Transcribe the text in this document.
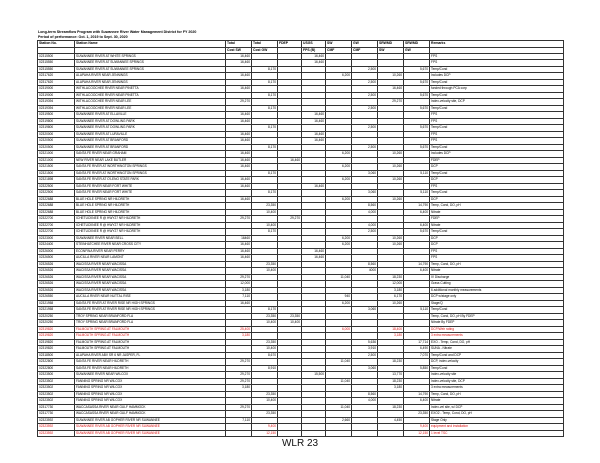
Long-term Streamflow Program with Suwannee River Water Management District for FY 2020
Period of performance: Oct. 1, 2019 to Sept. 30, 2020
Station No.	Station Name	Total	Total	FDEP	USGS	SW	GW	SRWMD	SRWMD	Remarks
		Cost SW	Cost GW		FPS (B)	CMF	CMF	SW	GW	
02315500	SUWANNEE RIVER AT WHITE SPRINGS	16,460			16,460					FPS
02315550	SUWANNEE RIVER AT SUWANNEE SPRINGS	16,460			16,460					FPS
02315550	SUWANNEE RIVER AT SUWANNEE SPRINGS		8,170				2,500		5,670	Temp/Cond
02317620	ALAPAHA RIVER NEAR JENNINGS	16,460				6,200		10,260		Includes DCP
02317620	ALAPAHA RIVER NEAR JENNINGS		8,170				2,500		5,670	Temp/Cond
02319000	WITHLACOOCHEE RIVER NEAR PINETTA	16,460						16,460		funded through PCA corp
02319000	WITHLACOOCHEE RIVER NEAR PINETTA		8,170				2,500		5,670	Temp/Cond
02319394	WITHLACOOCHEE RIVER NEAR LEE	29,270						29,270		Index-velocity site, DCP
02319394	WITHLACOOCHEE RIVER NEAR LEE		8,170				2,500		5,670	Temp/Cond
02319500	SUWANNEE RIVER AT ELLAVILLE	16,460			16,460					FPS
02319800	SUWANNEE RIVER AT DOWLING PARK	16,460			16,460					FPS
02319800	SUWANNEE RIVER AT DOWLING PARK		8,170				2,500		5,670	Temp/Cond
02320000	SUWANNEE RIVER AT LURAVILLE	16,460			16,460					FPS
02320500	SUWANNEE RIVER AT BRANFORD	16,460			16,460					FPS
02320500	SUWANNEE RIVER AT BRANFORD		8,170				2,500		5,670	Temp/Cond
02321000	SANTA FE RIVER NEAR GRAHAM	16,460				6,200		10,260		Includes DCP
02321000	NEW RIVER NEAR LAKE BUTLER	16,460		16,460						FDEP
02321500	SANTA FE RIVER AT WORTHINGTON SPRINGS	16,460				6,200		10,260		DCP
02321500	SANTA FE RIVER AT WORTHINGTON SPRINGS		8,170				3,060		5,110	Temp/Cond
02321898	SANTA FE RIVER AT O'LENO STATE PARK	16,460				6,200		10,260		DCP
02322500	SANTA FE RIVER NEAR FORT WHITE	16,460			16,460					FPS
02322500	SANTA FE RIVER NEAR FORT WHITE		8,170				3,060		5,110	Temp/Cond
02322688	BLUE HOLE SPRING NR HILDRETH	16,460				6,200		10,260		DCP
02322688	BLUE HOLE SPRING NR HILDRETH		23,350				8,560		14,790	Temp, Cond, DO, pH
02322688	BLUE HOLE SPRING NR HILDRETH		10,400				4,000		6,400	Nitrate
02322700	ICHETUCKNEE R @ HWY27 NR HILDRETH	29,270		29,270						FDEP
02322700	ICHETUCKNEE R @ HWY27 NR HILDRETH		10,400				4,000		6,400	Nitrate
02322700	ICHETUCKNEE R @ HWY27 NR HILDRETH		8,170				2,500		5,670	Temp/Cond
02323000	SUWANNEE RIVER NEAR BELL	16460				6,200		10,260		DCP
02324400	STEINHATCHEE RIVER NEAR CROSS CITY	16,460				6,200		10,260		DCP
02326000	ECONFINA RIVER NEAR PERRY	16,460			16,460					FPS
02326500	AUCILLA RIVER NEAR LAMONT	16,460			16,460					FPS
02326526	WACISSA RIVER NEAR WACISSA		23,350				8,560		14,790	Temp, Cond, DO, pH
02326526	WACISSA RIVER NEAR WACISSA		10,400				4000		6,400	Nitrate
02326526	WACISSA RIVER NEAR WACISSA	29,270				11,040		18,230		IV Discharge
02326526	WACISSA RIVER NEAR WACISSA	12,000						12,000		Grass Cutting
02326526	WACISSA RIVER NEAR WACISSA	3,180						3,180		6 additional monthly measurements
02326550	AUCILLA RIVER NEAR NUTTAL RISE	7,110				940		6,170		DCP w/stage only
02321958	SANTA FE RIVER AT RIVER RISE NR HIGH SPRINGS	16,460				6,200		10,260		Stage/Q
02321958	SANTA FE RIVER AT RIVER RISE NR HIGH SPRINGS		8,170				3,060		5,110	Temp/Cond
02320250	TROY SPRING NEAR BRANFORD FLA		23,350	23,350						Temp, Cond, DO, pH By FDEP
02320250	TROY SPRING NEAR BRANFORD FLA		10,400	10,400						Nitrate By FDEP
02319820	FALMOUTH SPRING AT FALMOUTH	25,400				6,000		18,400		DCP/Weir rating
02319820	FALMOUTH SPRING AT FALMOUTH	3,180						3,180		3 extra measurements
02319820	FALMOUTH SPRING AT FALMOUTH		23,350				5,636		17,714	EXO - Temp, Cond, DO, pH
02319820	FALMOUTH SPRING AT FALMOUTH		10,400				3,910		6,490	SUNA - Nitrate
02318500	ALAPAHA RIVER ABV SR 6 NR JASPER, FL		8,670				2,500		7,070	Temp/Cond and DCP
02322800	SANTA FE RIVER NEAR HILDRETH	29,270				11,040		18,230		DCP, index-velocity
02322800	SANTA FE RIVER NEAR HILDRETH		8,910				3,060		5,850	Temp/Cond
02323500	SUWANNEE RIVER NEAR WILCOX	29,270			15,500			13,770		Index-velocity site
02323502	FANNING SPRING NR WILCOX	29,270				11,040		18,230		Index-velocity site, DCP
02323502	FANNING SPRING NR WILCOX	3,180						3,180		3 extra measurements
02323502	FANNING SPRING NR WILCOX		23,350				8,560		14,790	Temp, Cond, DO, pH
02323502	FANNING SPRING NR WILCOX		10,400				4,000		6,400	Nitrate
02317730	WACCASASSA RIVER NEAR GULF HAMMOCK	29,270				11,040		18,230		Index-vel site, w/ DCP
02317730	WACCASASSA RIVER NEAR GULF HAMMOCK		23,350						23,350	EXO2 - Temp, Cond, DO, pH
02323592	SUWANNEE RIVER AB GOPHER RIVER NR SUWANNEE	7,110				2,660		4,450		Stage Only
02323592	SUWANNEE RIVER AB GOPHER RIVER NR SUWANNEE		9,400						9,400	equipment and installation
02323592	SUWANNEE RIVER AB GOPHER RIVER NR SUWANNEE		12,150						12,150	1 level TSC
WLR 23
